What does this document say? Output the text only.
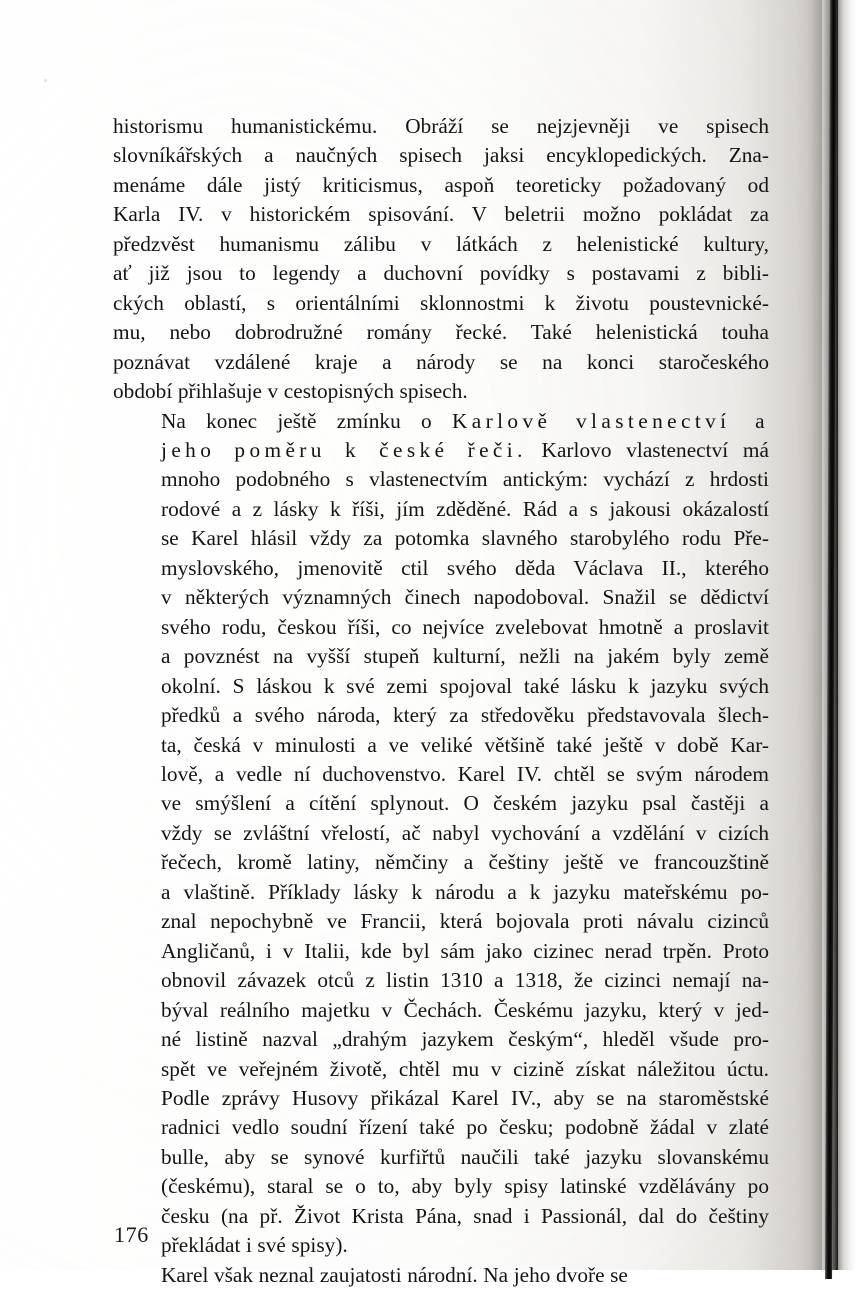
historismu humanistickému. Obráží se nejzjevněji ve spisech
slovníkářských a naučných spisech jaksi encyklopedických. Zna-
menáme dále jistý kriticismus, aspoň teoreticky požadovaný od
Karla IV. v historickém spisování. V beletrii možno pokládat za
předzvěst humanismu zálibu v látkách z helenistické kultury,
ať již jsou to legendy a duchovní povídky s postavami z bibli-
ckých oblastí, s orientálními sklonnostmi k životu poustevnické-
mu, nebo dobrodružné romány řecké. Také helenistická touha
poznávat vzdálené kraje a národy se na konci staročeského
období přihlašuje v cestopisných spisech.

Na konec ještě zmínku o Karlově vlastenectví a
jeho poměru k české řeči. Karlovo vlastenectví má
mnoho podobného s vlastenectvím antickým: vychází z hrdosti
rodové a z lásky k říši, jím zděděné. Rád a s jakousi okázalostí
se Karel hlásil vždy za potomka slavného starobylého rodu Pře-
myslovského, jmenovitě ctil svého děda Václava II., kterého
v některých významných činech napodoboval. Snažil se dědictví
svého rodu, českou říši, co nejvíce zvelebovat hmotně a proslavit
a povznést na vyšší stupeň kulturní, nežli na jakém byly země
okolní. S láskou k své zemi spojoval také lásku k jazyku svých
předků a svého národa, který za středověku představovala šlech-
ta, česká v minulosti a ve veliké většině také ještě v době Kar-
lově, a vedle ní duchovenstvo. Karel IV. chtěl se svým národem
ve smýšlení a cítění splynout. O českém jazyku psal častěji a
vždy se zvláštní vřelostí, ač nabyl vychování a vzdělání v cizích
řečech, kromě latiny, němčiny a češtiny ještě ve francouzštině
a vlaštině. Příklady lásky k národu a k jazyku mateřskému po-
znal nepochybně ve Francii, která bojovala proti návalu cizinců
Angličanů, i v Italii, kde byl sám jako cizinec nerad trpěn. Proto
obnovil závazek otců z listin 1310 a 1318, že cizinci nemají na-
býval reálního majetku v Čechách. Českému jazyku, který v jed-
né listině nazval „drahým jazykem českým“, hleděl všude pro-
spět ve veřejném životě, chtěl mu v cizině získat náležitou úctu.
Podle zprávy Husovy přikázal Karel IV., aby se na staroměstské
radnici vedlo soudní řízení také po česku; podobně žádal v zlaté
bulle, aby se synové kurfiřtů naučili také jazyku slovanskému
(českému), staral se o to, aby byly spisy latinské vzdělávány po
česku (na př. Život Krista Pána, snad i Passionál, dal do češtiny
překládat i své spisy).

Karel však neznal zaujatosti národní. Na jeho dvoře se

176
